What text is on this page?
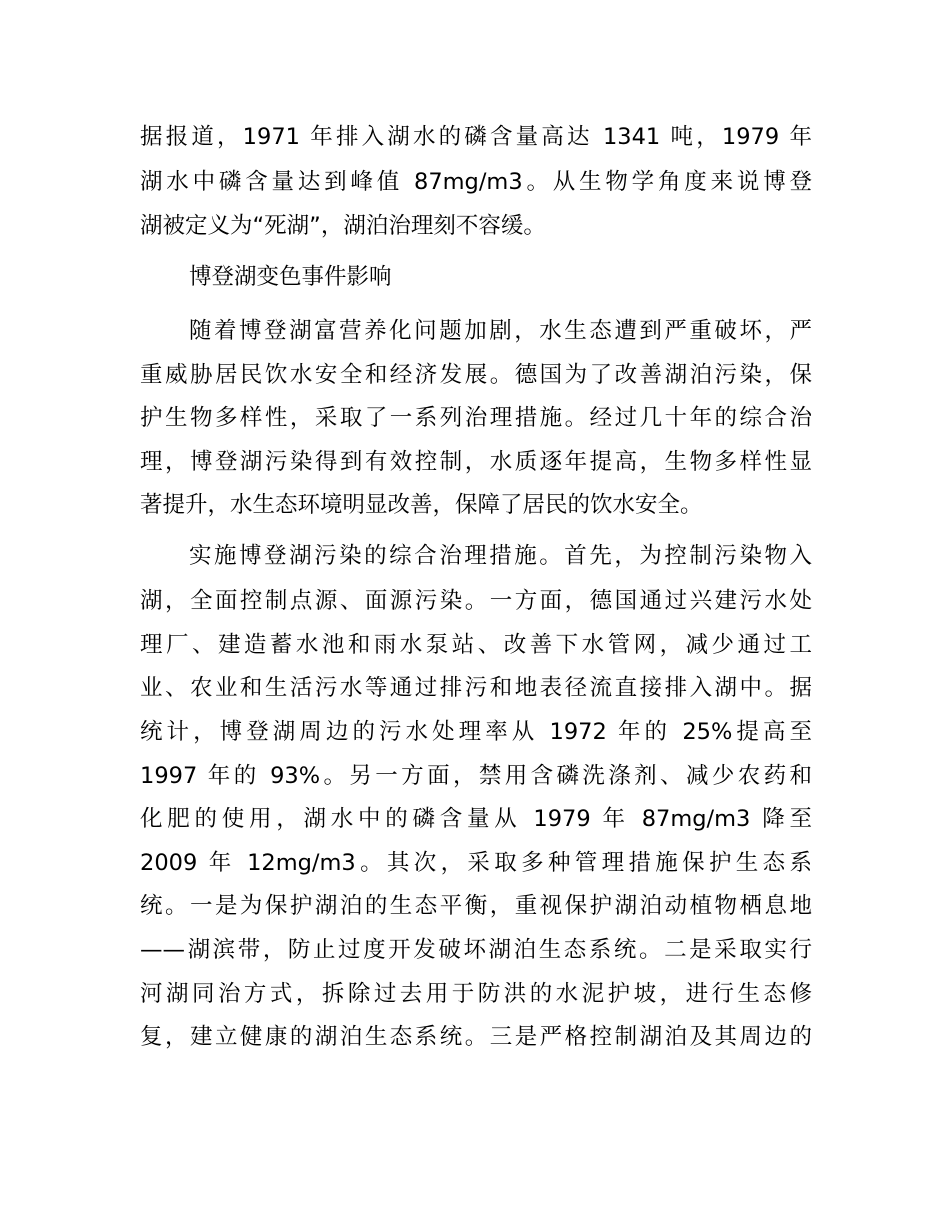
据报道，1971 年排入湖水的磷含量高达 1341 吨，1979 年
湖水中磷含量达到峰值 87mg/m3。从生物学角度来说博登
湖被定义为“死湖”，湖泊治理刻不容缓。
博登湖变色事件影响
随着博登湖富营养化问题加剧，水生态遭到严重破坏，严
重威胁居民饮水安全和经济发展。德国为了改善湖泊污染，保
护生物多样性，采取了一系列治理措施。经过几十年的综合治
理，博登湖污染得到有效控制，水质逐年提高，生物多样性显
著提升，水生态环境明显改善，保障了居民的饮水安全。
实施博登湖污染的综合治理措施。首先，为控制污染物入
湖，全面控制点源、面源污染。一方面，德国通过兴建污水处
理厂、建造蓄水池和雨水泵站、改善下水管网，减少通过工
业、农业和生活污水等通过排污和地表径流直接排入湖中。据
统计，博登湖周边的污水处理率从 1972 年的 25%提高至
1997 年的 93%。另一方面，禁用含磷洗涤剂、减少农药和
化肥的使用，湖水中的磷含量从 1979 年 87mg/m3 降至
2009 年 12mg/m3。其次，采取多种管理措施保护生态系
统。一是为保护湖泊的生态平衡，重视保护湖泊动植物栖息地
——湖滨带，防止过度开发破坏湖泊生态系统。二是采取实行
河湖同治方式，拆除过去用于防洪的水泥护坡，进行生态修
复，建立健康的湖泊生态系统。三是严格控制湖泊及其周边的
